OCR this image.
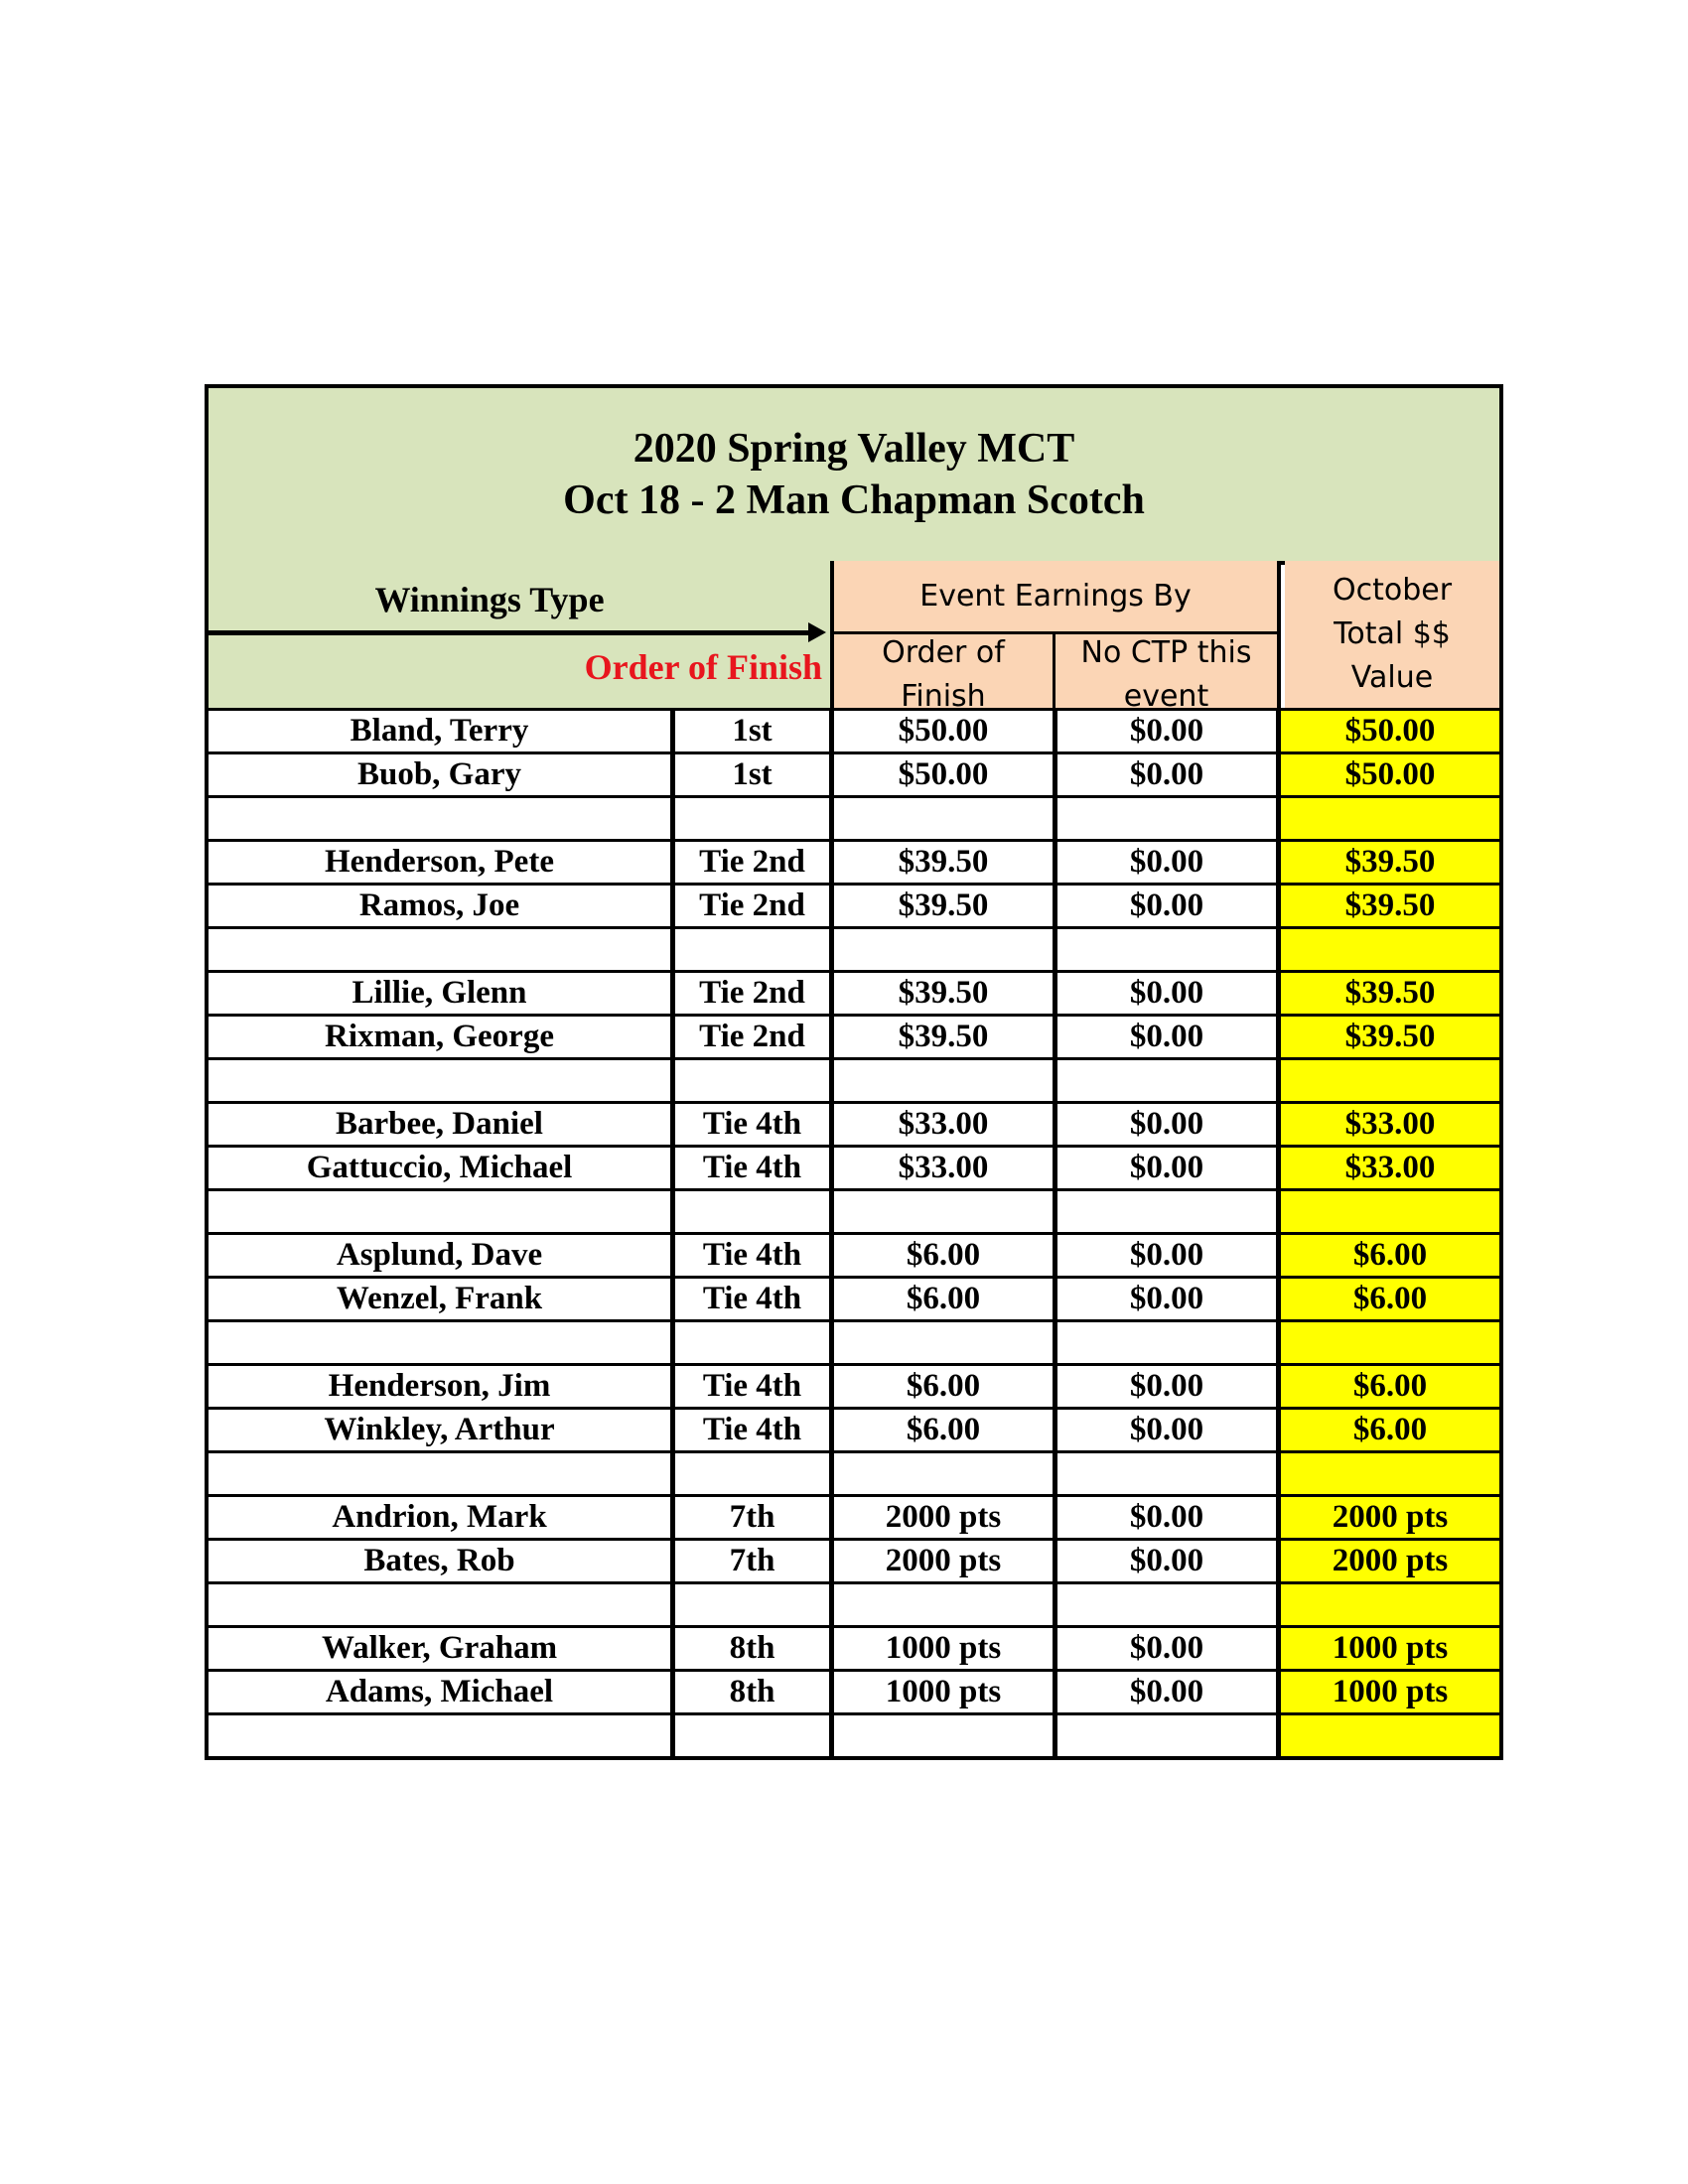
2020 Spring Valley MCT
Oct 18 - 2 Man Chapman Scotch
Winnings Type
Order of Finish
Event Earnings By
Order of
Finish
No CTP this
event
October
Total $$
Value
Bland, Terry	1st	$50.00	$0.00	$50.00
Buob, Gary	1st	$50.00	$0.00	$50.00
Henderson, Pete	Tie 2nd	$39.50	$0.00	$39.50
Ramos, Joe	Tie 2nd	$39.50	$0.00	$39.50
Lillie, Glenn	Tie 2nd	$39.50	$0.00	$39.50
Rixman, George	Tie 2nd	$39.50	$0.00	$39.50
Barbee, Daniel	Tie 4th	$33.00	$0.00	$33.00
Gattuccio, Michael	Tie 4th	$33.00	$0.00	$33.00
Asplund, Dave	Tie 4th	$6.00	$0.00	$6.00
Wenzel, Frank	Tie 4th	$6.00	$0.00	$6.00
Henderson, Jim	Tie 4th	$6.00	$0.00	$6.00
Winkley, Arthur	Tie 4th	$6.00	$0.00	$6.00
Andrion, Mark	7th	2000 pts	$0.00	2000 pts
Bates, Rob	7th	2000 pts	$0.00	2000 pts
Walker, Graham	8th	1000 pts	$0.00	1000 pts
Adams, Michael	8th	1000 pts	$0.00	1000 pts
